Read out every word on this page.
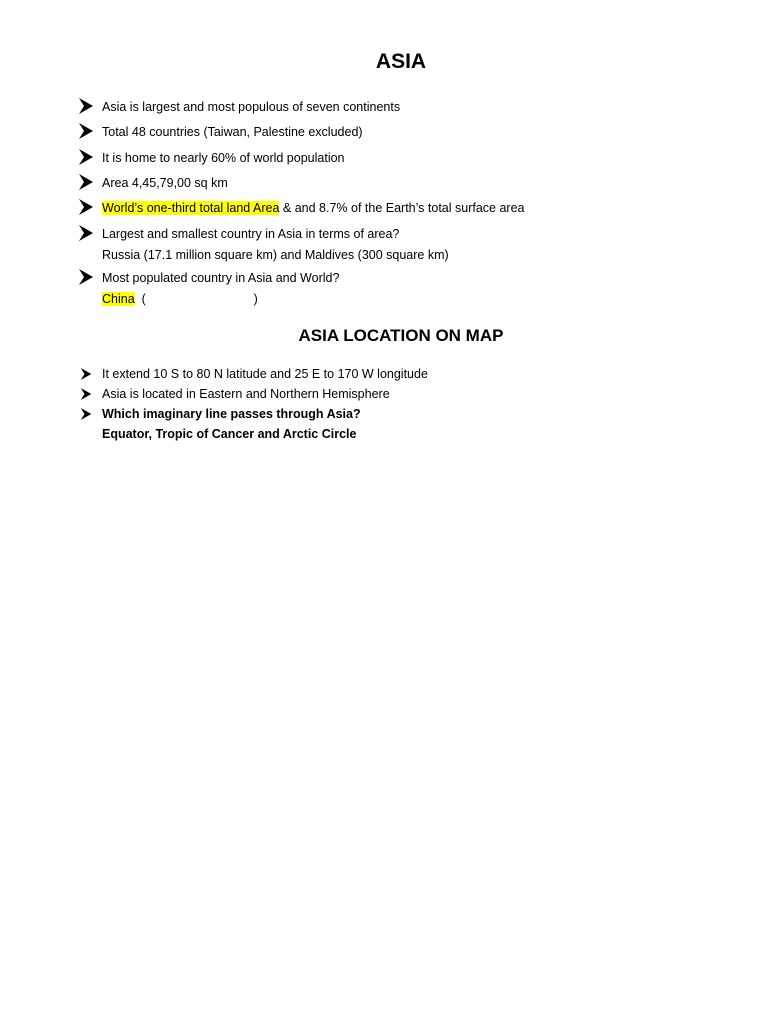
ASIA
Asia is largest and most populous of seven continents
Total 48 countries (Taiwan, Palestine excluded)
It is home to nearly 60% of world population
Area 4,45,79,00 sq km
World’s one-third total land Area & and 8.7% of the Earth’s total surface area
Largest and smallest country in Asia in terms of area?
Russia (17.1 million square km) and Maldives (300 square km)
Most populated country in Asia and World?
China (	)
ASIA LOCATION ON MAP
It extend 10 S to 80 N latitude and 25 E to 170 W longitude
Asia is located in Eastern and Northern Hemisphere
Which imaginary line passes through Asia?
Equator, Tropic of Cancer and Arctic Circle
